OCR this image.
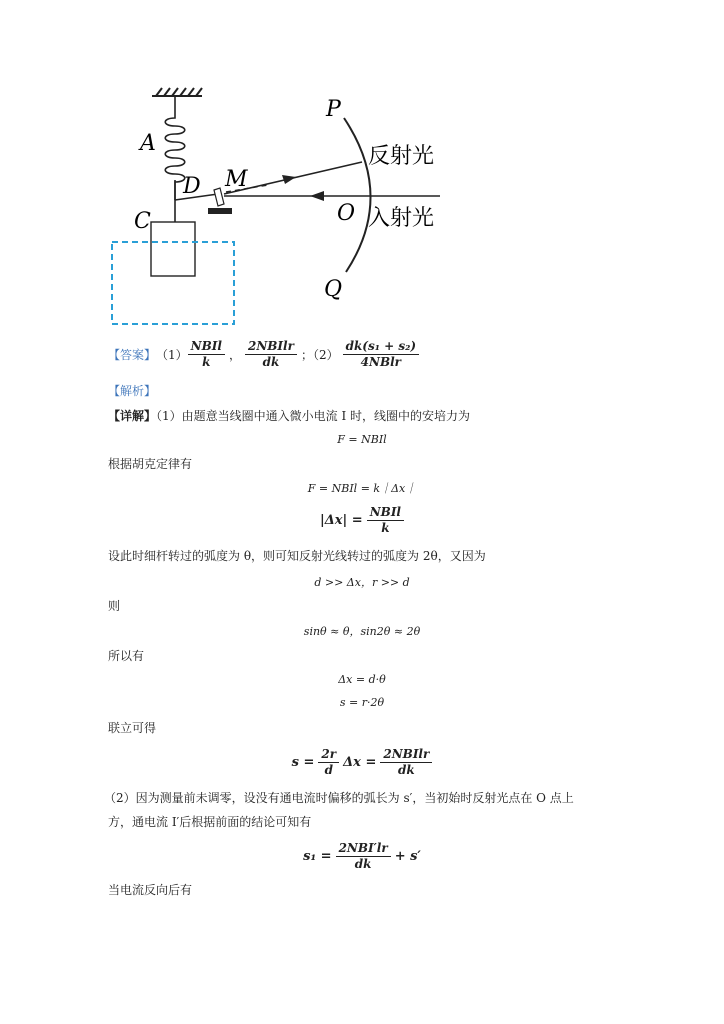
P
Q
O
A
C
D M
反射光
入射光
【答案】 $(1) \frac{\text{NBIl}}{k}$ ， $\frac{\text{2NBIlr}}{dk}$ ；$(2) \frac{\text{dk(s₁ + s₂)}}{\text{4NBlr}}$
【解析】
【详解】（1）由题意当线圈中通入微小电流 I 时，线圈中的安培力为
F = NBIl
根据胡克定律有
F = NBIl = k｜Δx｜
$|\Delta x| = \frac{\text{NBIl}}{k}$
设此时细杆转过的弧度为 θ，则可知反射光线转过的弧度为 2θ，又因为
d >> Δx，r >> d
则
sinθ ≈ θ，sin2θ ≈ 2θ
所以有
Δx = d·θ
s = r·2θ
联立可得
$s = \frac{2r}{d}$ $\Delta x = \frac{\text{2NBIlr}}{dk}$
（2）因为测量前未调零，设没有通电流时偏移的弧长为 s′，当初始时反射光点在 O 点上
方，通电流 I′后根据前面的结论可知有
$s_1 = \frac{\text{2NBI′lr}}{dk} + s'$
当电流反向后有
